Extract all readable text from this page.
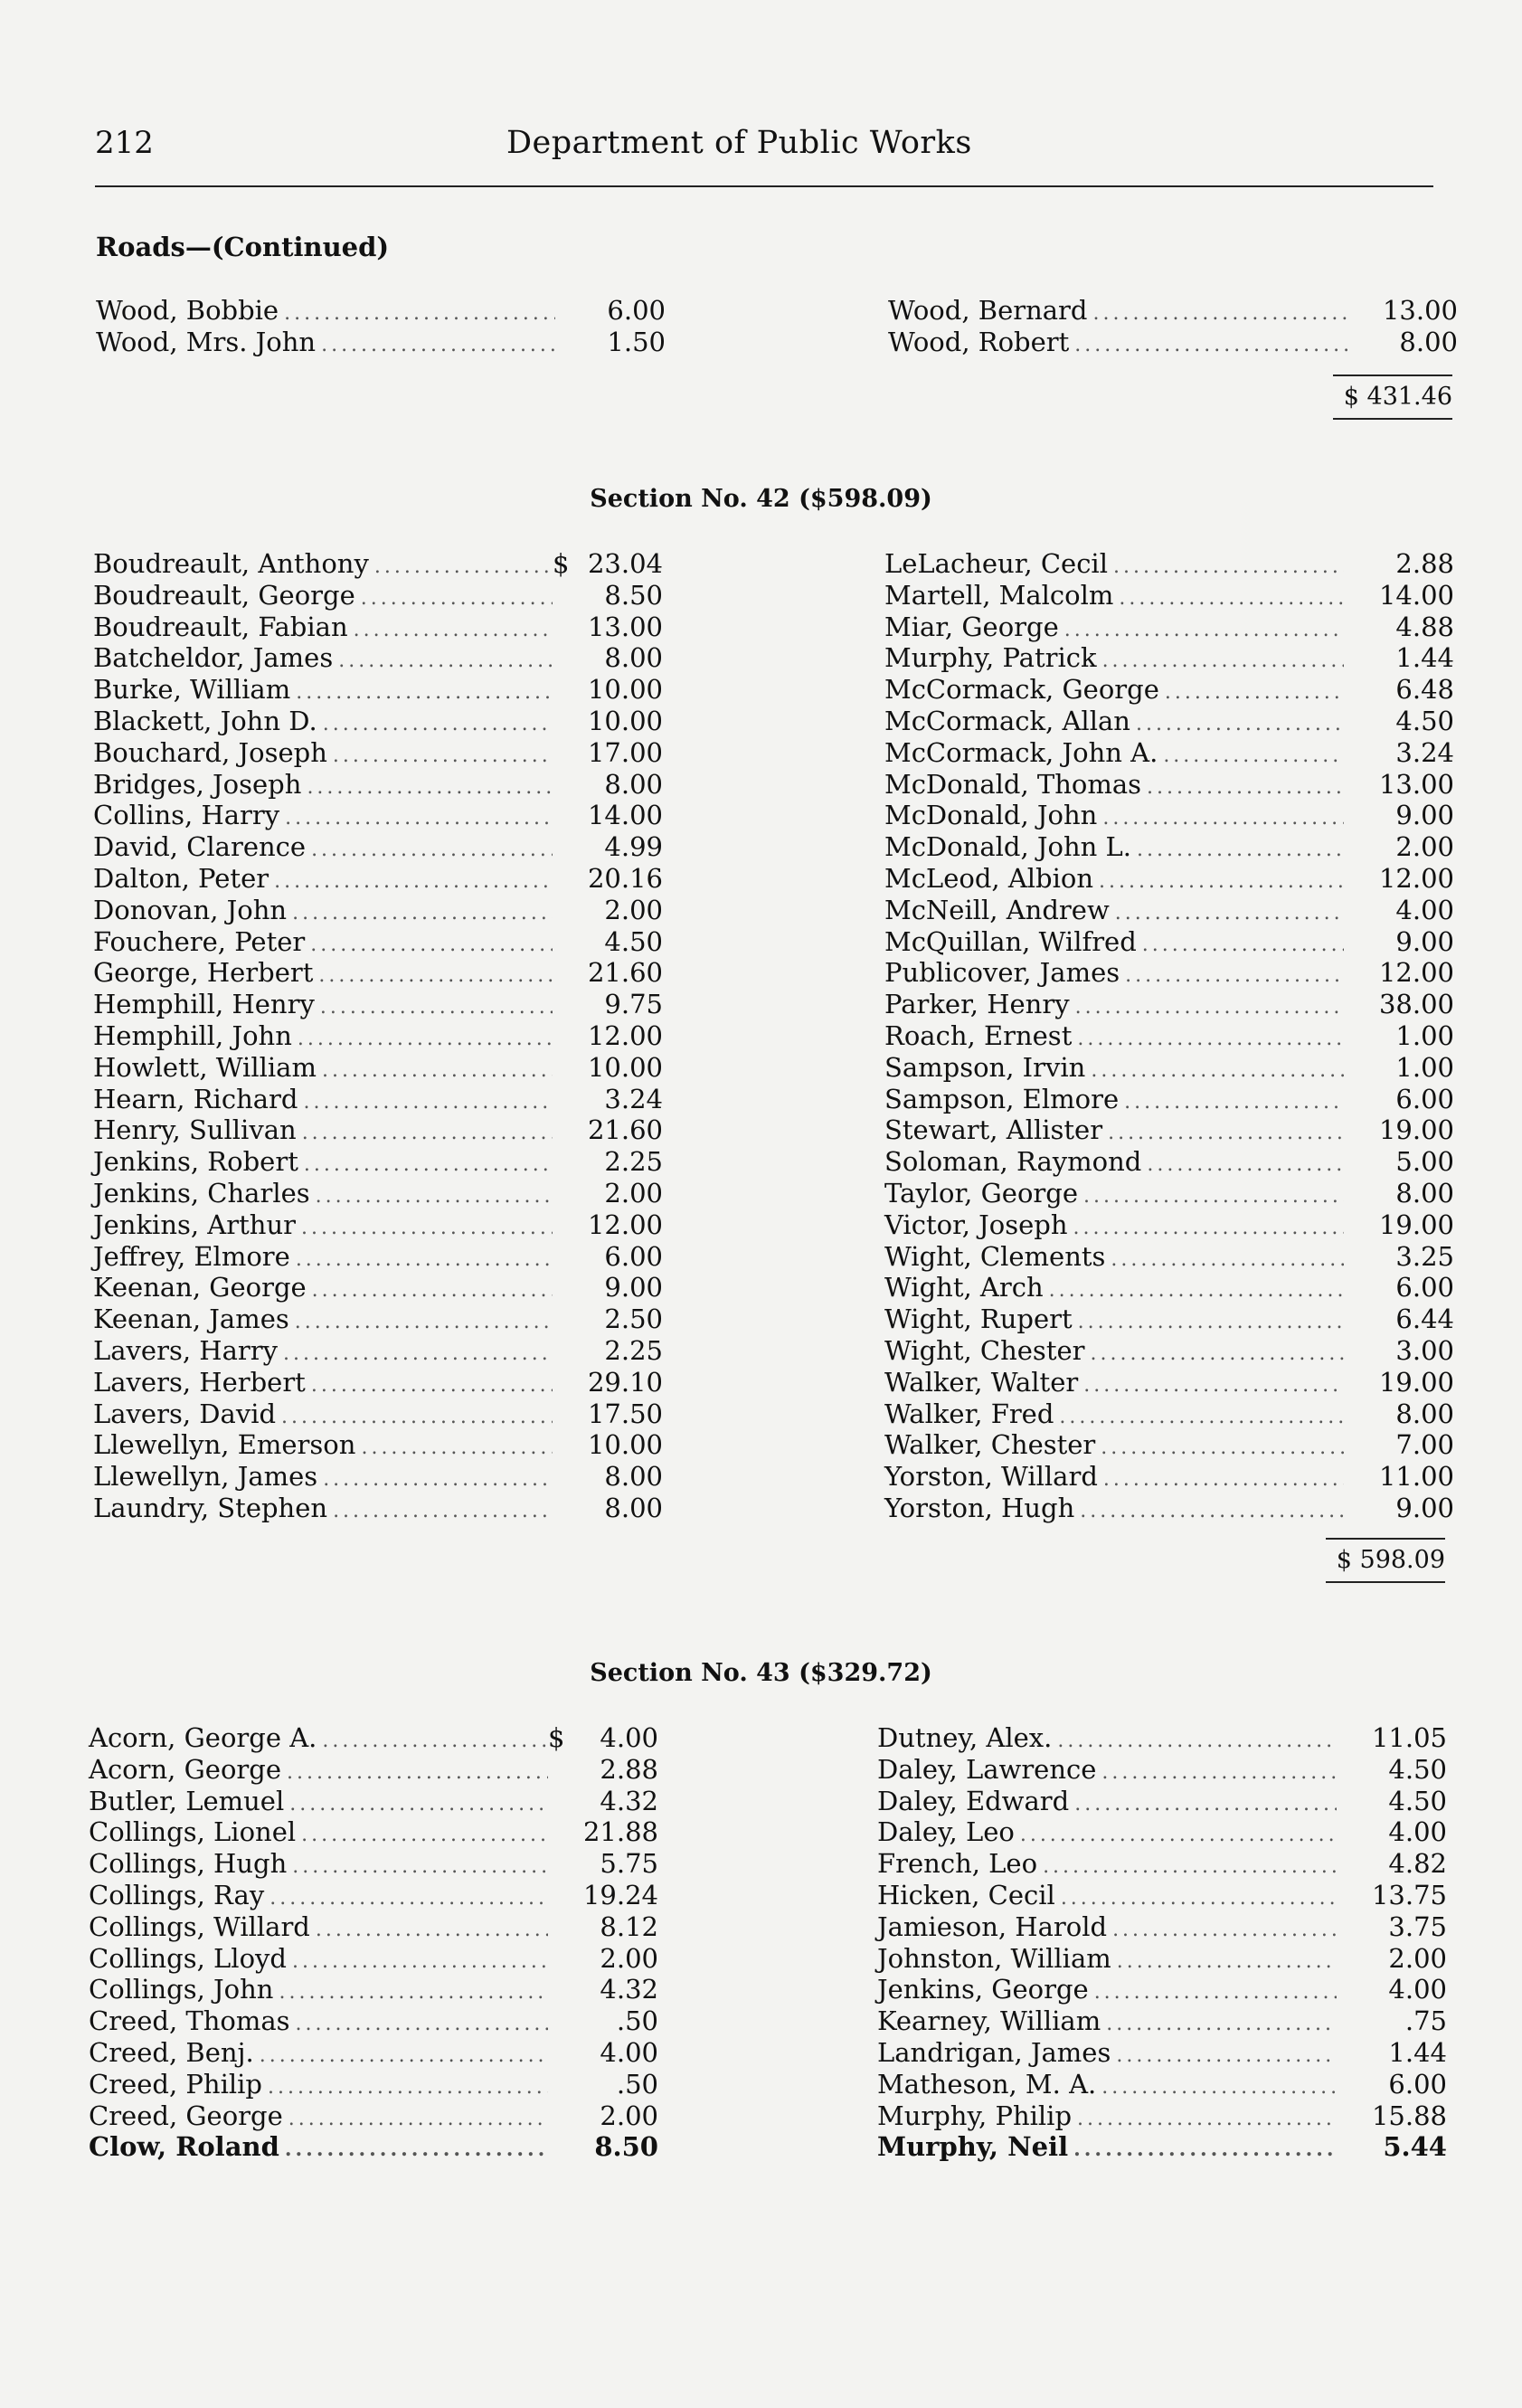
212	Department of Public Works
Roads—(Continued)
Wood, Bobbie .....	6.00
Wood, Mrs. John .....	1.50
Wood, Bernard .....	13.00
Wood, Robert .....	8.00
$ 431.46
Section No. 42 ($598.09)
Boudreault, Anthony .....	$ 23.04
Boudreault, George .....	8.50
Boudreault, Fabian .....	13.00
Batcheldor, James .....	8.00
Burke, William .....	10.00
Blackett, John D. .....	10.00
Bouchard, Joseph .....	17.00
Bridges, Joseph .....	8.00
Collins, Harry .....	14.00
David, Clarence .....	4.99
Dalton, Peter .....	20.16
Donovan, John .....	2.00
Fouchere, Peter .....	4.50
George, Herbert .....	21.60
Hemphill, Henry .....	9.75
Hemphill, John .....	12.00
Howlett, William .....	10.00
Hearn, Richard .....	3.24
Henry, Sullivan .....	21.60
Jenkins, Robert .....	2.25
Jenkins, Charles .....	2.00
Jenkins, Arthur .....	12.00
Jeffrey, Elmore .....	6.00
Keenan, George .....	9.00
Keenan, James .....	2.50
Lavers, Harry .....	2.25
Lavers, Herbert .....	29.10
Lavers, David .....	17.50
Llewellyn, Emerson .....	10.00
Llewellyn, James .....	8.00
Laundry, Stephen .....	8.00
LeLacheur, Cecil .....	2.88
Martell, Malcolm .....	14.00
Miar, George .....	4.88
Murphy, Patrick .....	1.44
McCormack, George .....	6.48
McCormack, Allan .....	4.50
McCormack, John A. .....	3.24
McDonald, Thomas .....	13.00
McDonald, John .....	9.00
McDonald, John L. .....	2.00
McLeod, Albion .....	12.00
McNeill, Andrew .....	4.00
McQuillan, Wilfred .....	9.00
Publicover, James .....	12.00
Parker, Henry .....	38.00
Roach, Ernest .....	1.00
Sampson, Irvin .....	1.00
Sampson, Elmore .....	6.00
Stewart, Allister .....	19.00
Soloman, Raymond .....	5.00
Taylor, George .....	8.00
Victor, Joseph .....	19.00
Wight, Clements .....	3.25
Wight, Arch .....	6.00
Wight, Rupert .....	6.44
Wight, Chester .....	3.00
Walker, Walter .....	19.00
Walker, Fred .....	8.00
Walker, Chester .....	7.00
Yorston, Willard .....	11.00
Yorston, Hugh .....	9.00
$ 598.09
Section No. 43 ($329.72)
Acorn, George A. .....	$	4.00
Acorn, George .....	2.88
Butler, Lemuel .....	4.32
Collings, Lionel .....	21.88
Collings, Hugh .....	5.75
Collings, Ray .....	19.24
Collings, Willard .....	8.12
Collings, Lloyd .....	2.00
Collings, John .....	4.32
Creed, Thomas .....	.50
Creed, Benj. .....	4.00
Creed, Philip .....	.50
Creed, George .....	2.00
Clow, Roland .....	8.50
Dutney, Alex. .....	11.05
Daley, Lawrence .....	4.50
Daley, Edward .....	4.50
Daley, Leo .....	4.00
French, Leo .....	4.82
Hicken, Cecil .....	13.75
Jamieson, Harold .....	3.75
Johnston, William .....	2.00
Jenkins, George .....	4.00
Kearney, William .....	.75
Landrigan, James .....	1.44
Matheson, M. A. .....	6.00
Murphy, Philip .....	15.88
Murphy, Neil .....	5.44
